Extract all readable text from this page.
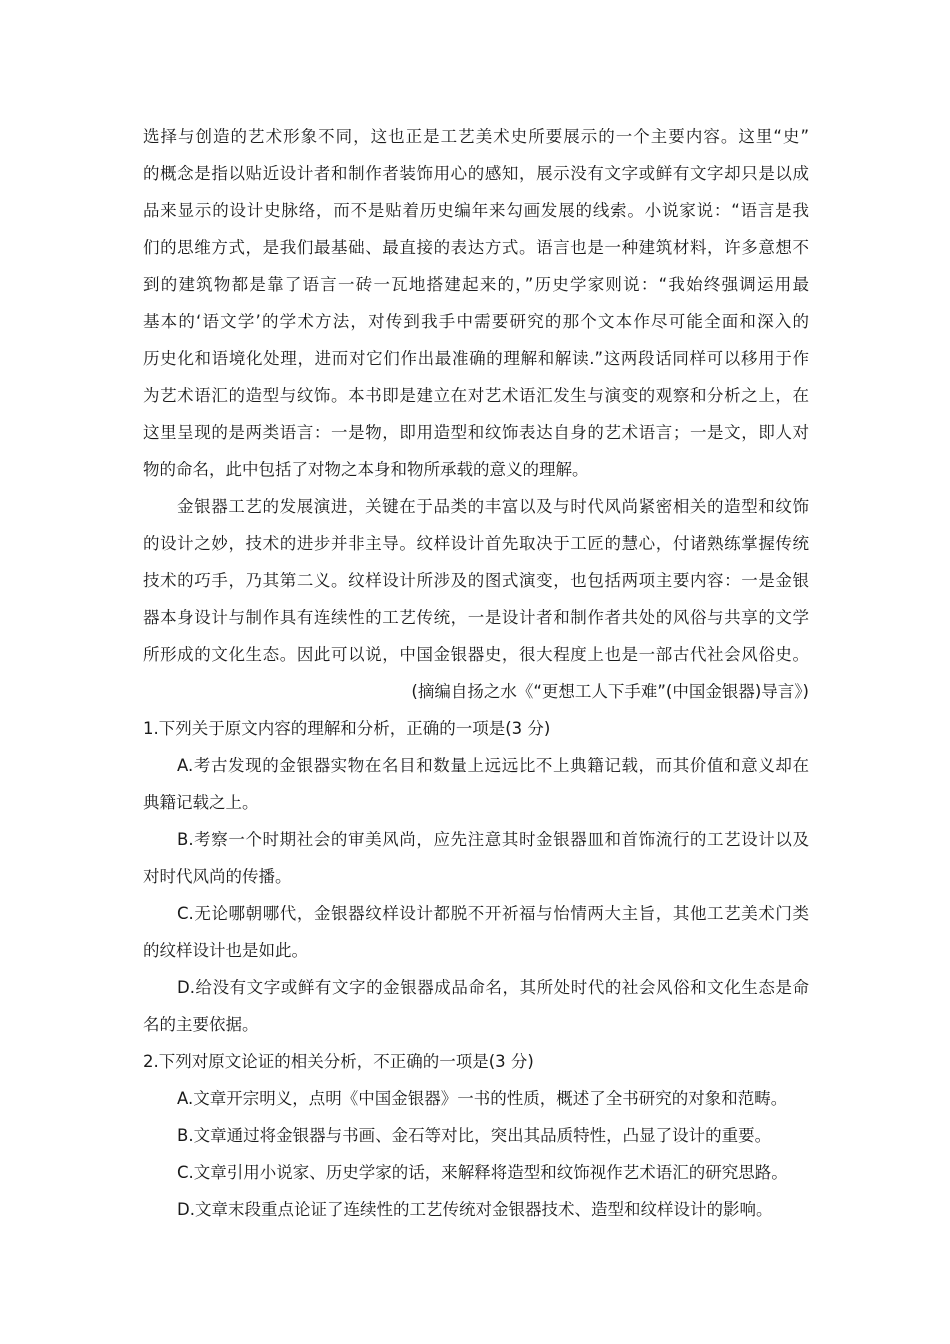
选择与创造的艺术形象不同，这也正是工艺美术史所要展示的一个主要内容。这里“史”
的概念是指以贴近设计者和制作者装饰用心的感知，展示没有文字或鲜有文字却只是以成
品来显示的设计史脉络，而不是贴着历史编年来勾画发展的线索。小说家说：“语言是我
们的思维方式，是我们最基础、最直接的表达方式。语言也是一种建筑材料，许多意想不
到的建筑物都是靠了语言一砖一瓦地搭建起来的，”历史学家则说：“我始终强调运用最
基本的‘语文学’的学术方法，对传到我手中需要研究的那个文本作尽可能全面和深入的
历史化和语境化处理，进而对它们作出最准确的理解和解读.”这两段话同样可以移用于作
为艺术语汇的造型与纹饰。本书即是建立在对艺术语汇发生与演变的观察和分析之上，在
这里呈现的是两类语言：一是物，即用造型和纹饰表达自身的艺术语言；一是文，即人对
物的命名，此中包括了对物之本身和物所承载的意义的理解。
金银器工艺的发展演进，关键在于品类的丰富以及与时代风尚紧密相关的造型和纹饰
的设计之妙，技术的进步并非主导。纹样设计首先取决于工匠的慧心，付诸熟练掌握传统
技术的巧手，乃其第二义。纹样设计所涉及的图式演变，也包括两项主要内容：一是金银
器本身设计与制作具有连续性的工艺传统，一是设计者和制作者共处的风俗与共享的文学
所形成的文化生态。因此可以说，中国金银器史，很大程度上也是一部古代社会风俗史。
(摘编自扬之水《“更想工人下手难”(中国金银器)导言》)
1.下列关于原文内容的理解和分析，正确的一项是(3 分)
A.考古发现的金银器实物在名目和数量上远远比不上典籍记载，而其价值和意义却在
典籍记载之上。
B.考察一个时期社会的审美风尚，应先注意其时金银器皿和首饰流行的工艺设计以及
对时代风尚的传播。
C.无论哪朝哪代，金银器纹样设计都脱不开祈福与怡情两大主旨，其他工艺美术门类
的纹样设计也是如此。
D.给没有文字或鲜有文字的金银器成品命名，其所处时代的社会风俗和文化生态是命
名的主要依据。
2.下列对原文论证的相关分析，不正确的一项是(3 分)
A.文章开宗明义，点明《中国金银器》一书的性质，概述了全书研究的对象和范畴。
B.文章通过将金银器与书画、金石等对比，突出其品质特性，凸显了设计的重要。
C.文章引用小说家、历史学家的话，来解释将造型和纹饰视作艺术语汇的研究思路。
D.文章末段重点论证了连续性的工艺传统对金银器技术、造型和纹样设计的影响。
